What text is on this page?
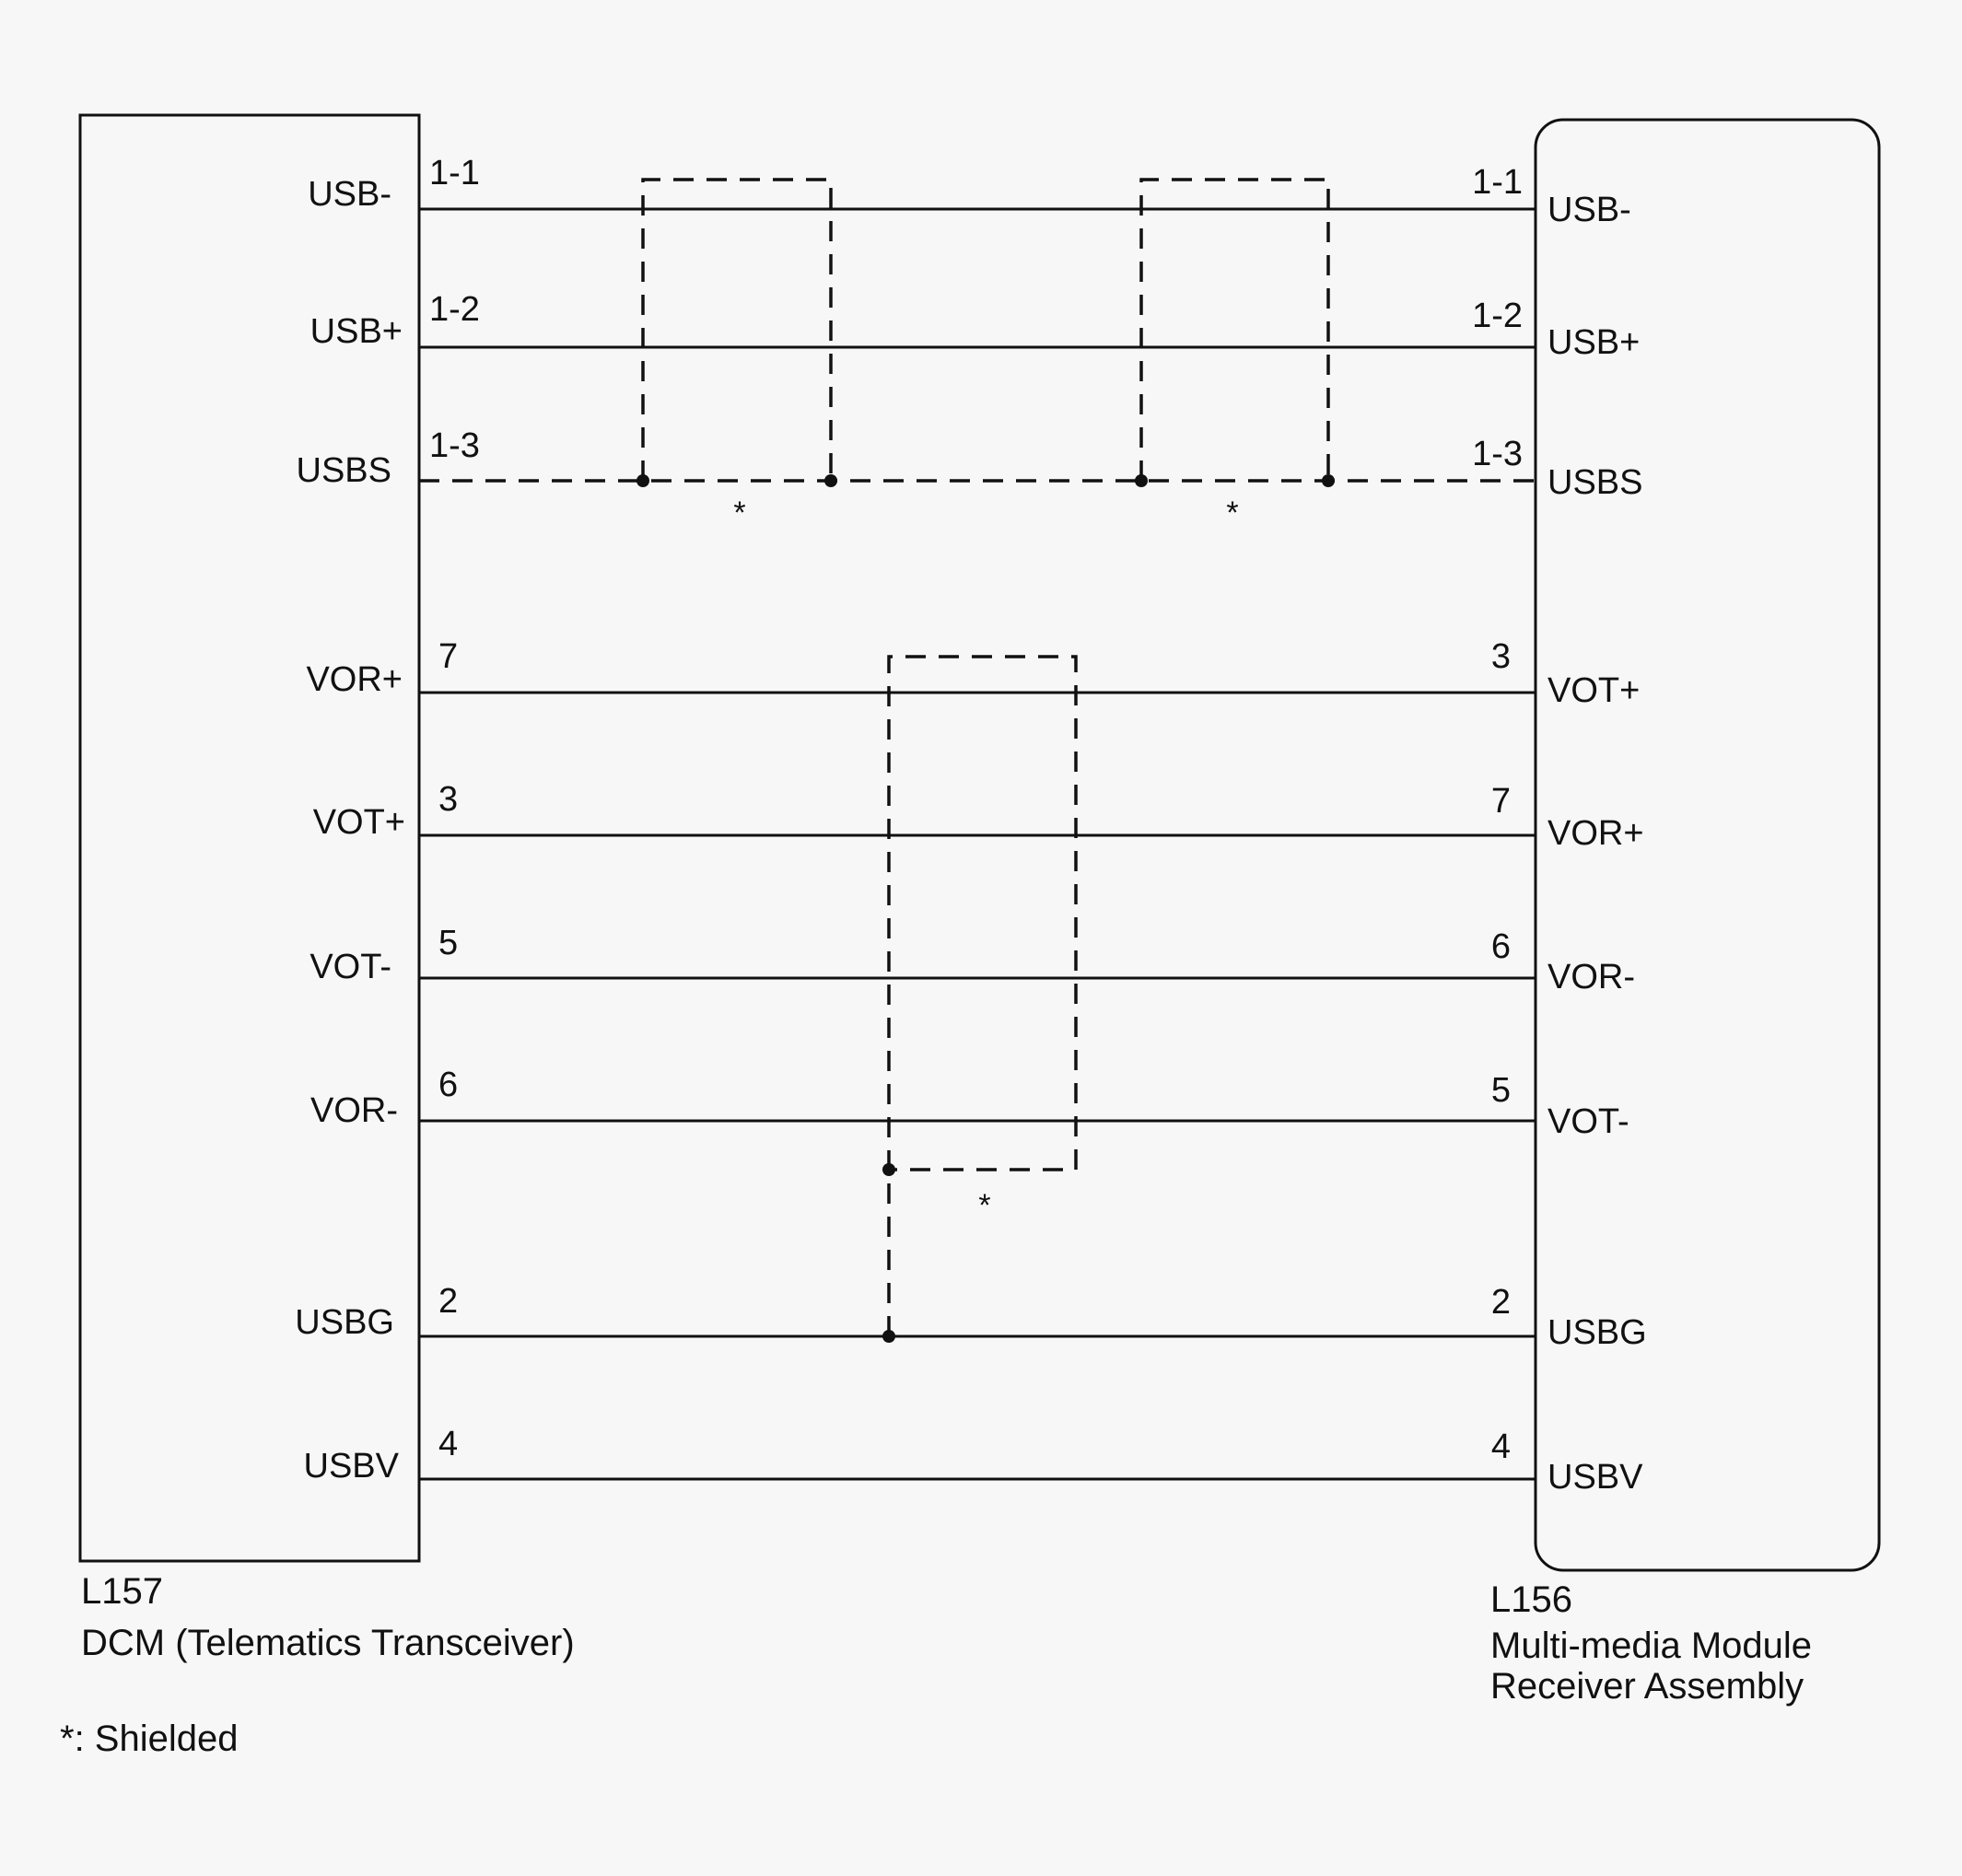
USB-
USB+
USBS
VOR+
VOT+
VOT-
VOR-
USBG
USBV
1-1
1-2
1-3
7
3
5
6
2
4
1-1
1-2
1-3
3
7
6
5
2
4
USB-
USB+
USBS
VOT+
VOR+
VOR-
VOT-
USBG
USBV
*	*
*
L157
DCM (Telematics Transceiver)
L156
Multi-media Module
Receiver Assembly
*: Shielded
